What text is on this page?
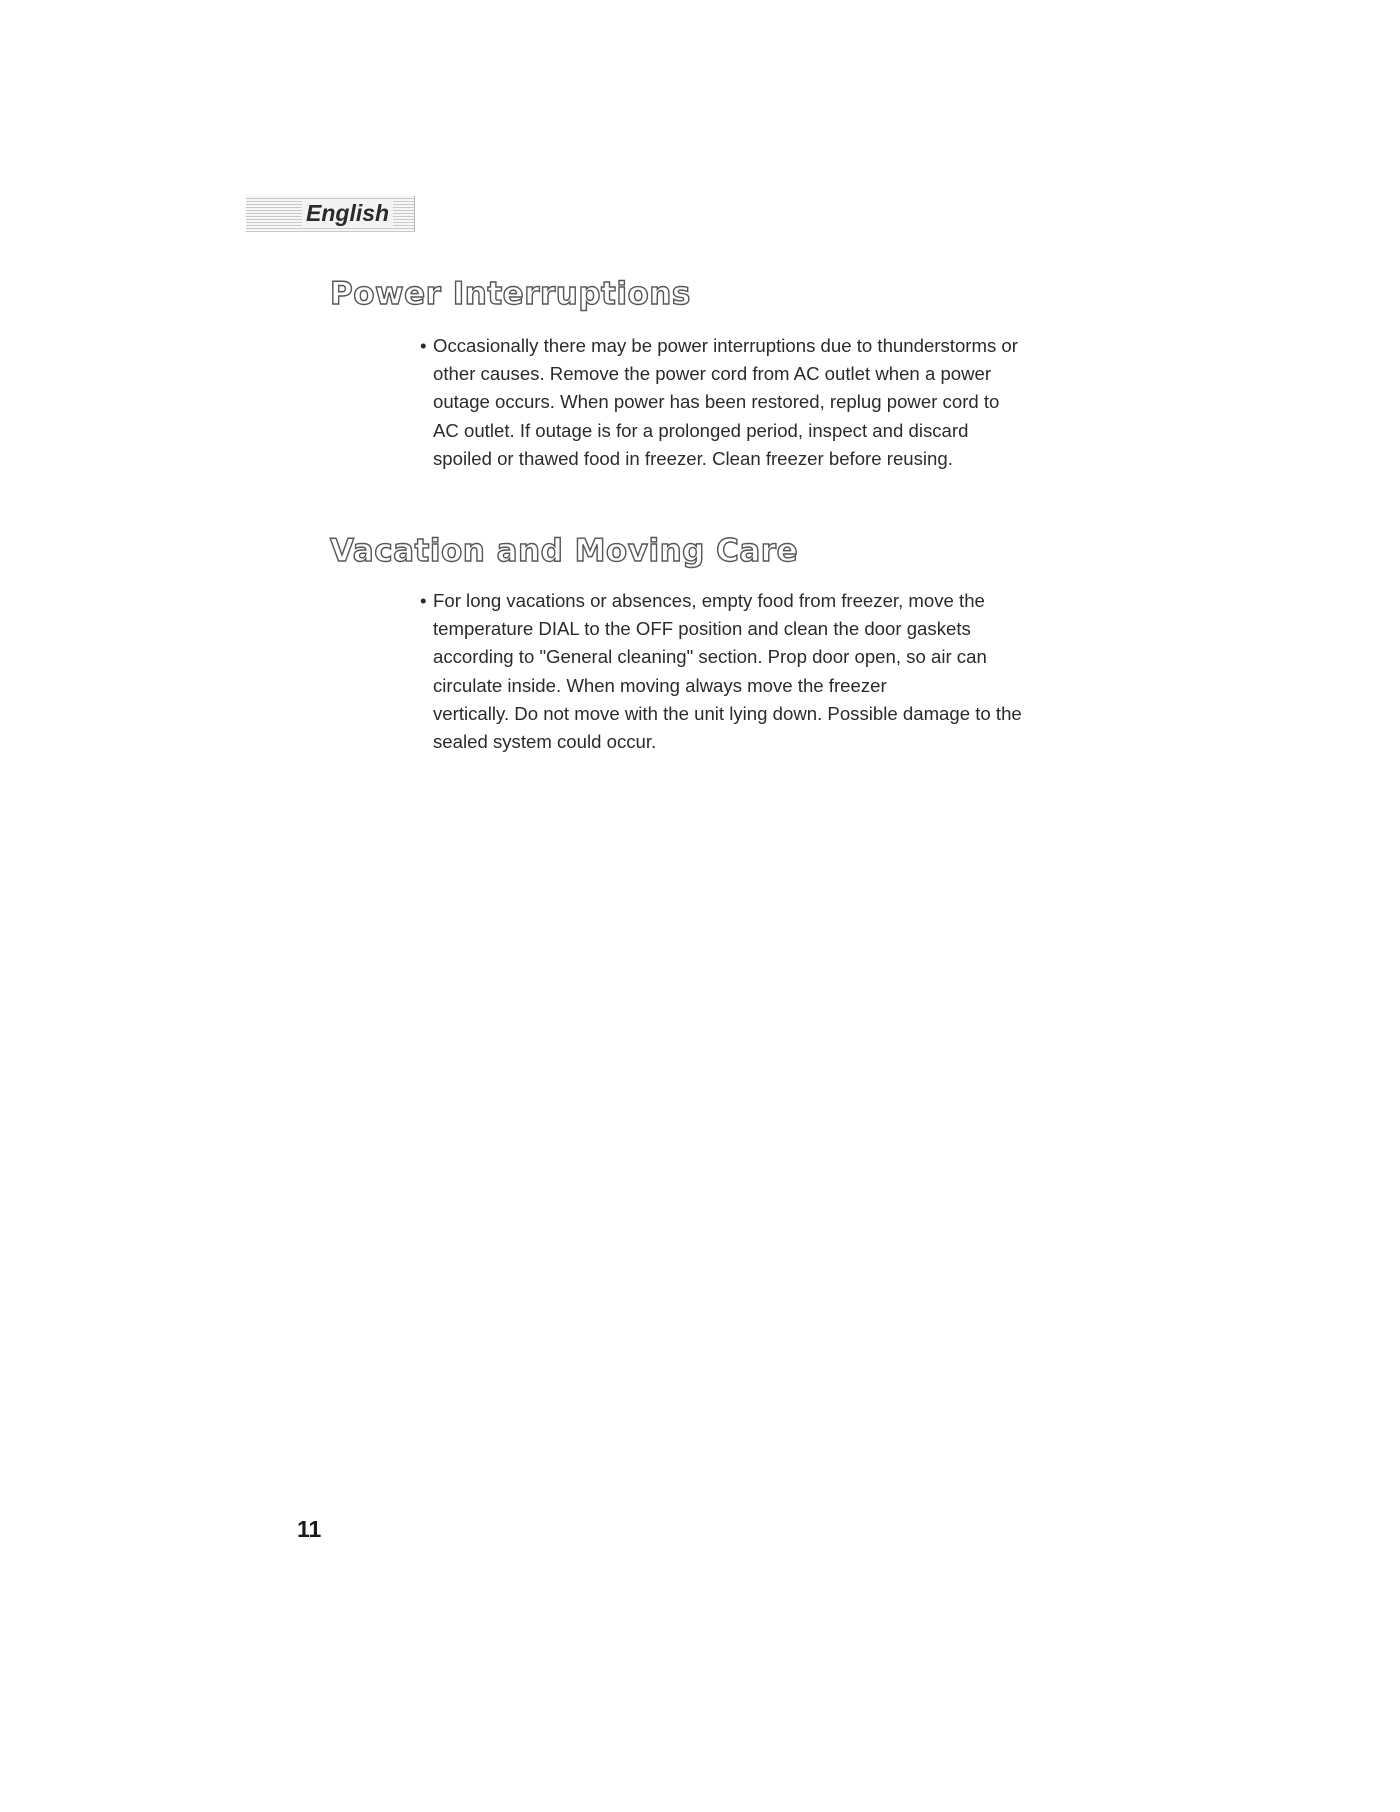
English
Power Interruptions
• Occasionally there may be power interruptions due to thunderstorms or
other causes. Remove the power cord from AC outlet when a power
outage occurs. When power has been restored, replug power cord to
AC outlet. If outage is for a prolonged period, inspect and discard
spoiled or thawed food in freezer. Clean freezer before reusing.
Vacation and Moving Care
• For long vacations or absences, empty food from freezer, move the
temperature DIAL to the OFF position and clean the door gaskets
according to "General cleaning" section. Prop door open, so air can
circulate inside. When moving always move the freezer
vertically. Do not move with the unit lying down. Possible damage to the
sealed system could occur.
11
